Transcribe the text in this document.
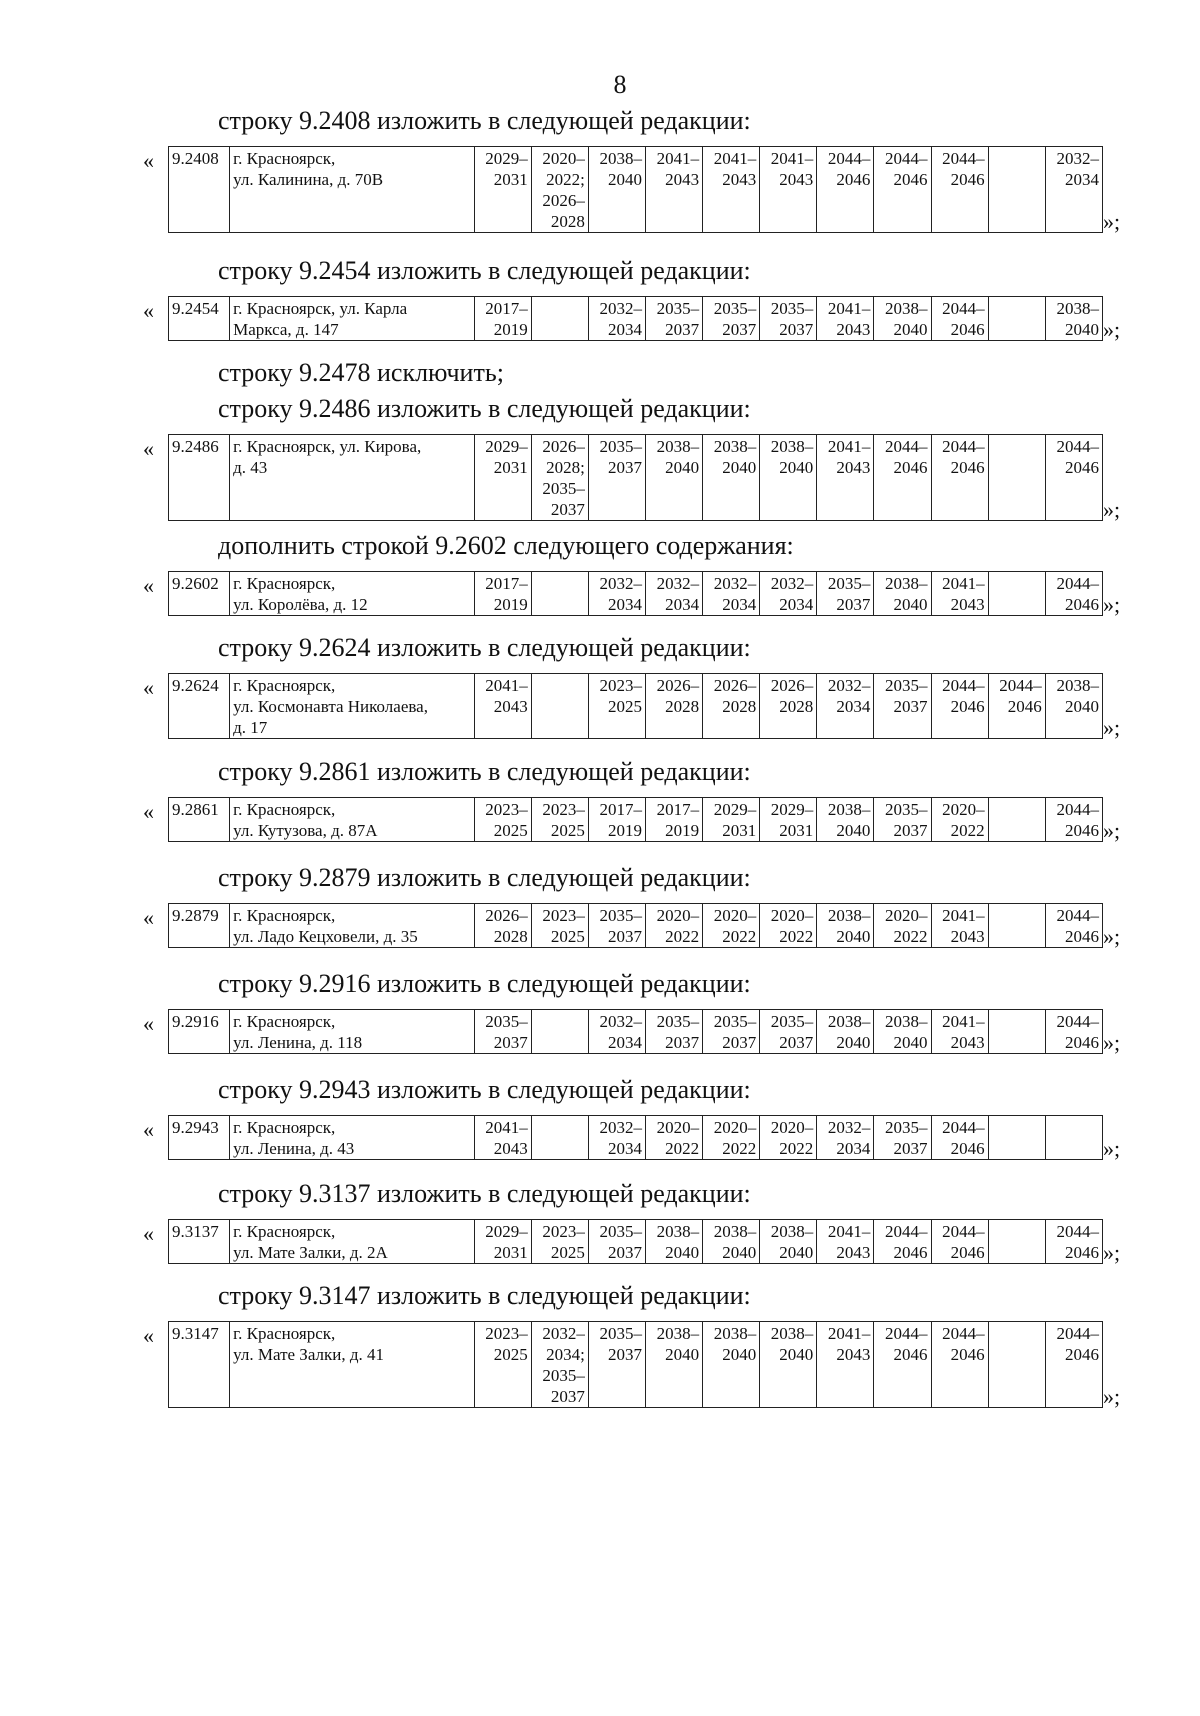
8
строку 9.2408 изложить в следующей редакции:
« 9.2408	г. Красноярск,
ул. Калинина, д. 70В	2029–
2031	2020–
2022;
2026–
2028	2038–
2040	2041–
2043	2041–
2043	2041–
2043	2044–
2046	2044–
2046	2044–
2046		2032–
2034
»;
строку 9.2454 изложить в следующей редакции:
« 9.2454	г. Красноярск, ул. Карла
Маркса, д. 147	2017–
2019		2032–
2034	2035–
2037	2035–
2037	2035–
2037	2041–
2043	2038–
2040	2044–
2046		2038–
2040 »;
строку 9.2478 исключить;
строку 9.2486 изложить в следующей редакции:
« 9.2486	г. Красноярск, ул. Кирова,
д. 43	2029–
2031	2026–
2028;
2035–
2037	2035–
2037	2038–
2040	2038–
2040	2038–
2040	2041–
2043	2044–
2046	2044–
2046		2044–
2046
»;
дополнить строкой 9.2602 следующего содержания:
« 9.2602	г. Красноярск,
ул. Королёва, д. 12	2017–
2019		2032–
2034	2032–
2034	2032–
2034	2032–
2034	2035–
2037	2038–
2040	2041–
2043		2044–
2046 »;
строку 9.2624 изложить в следующей редакции:
« 9.2624	г. Красноярск,
ул. Космонавта Николаева,
д. 17	2041–
2043		2023–
2025	2026–
2028	2026–
2028	2026–
2028	2032–
2034	2035–
2037	2044–
2046	2044–
2046	2038–
2040
»;
строку 9.2861 изложить в следующей редакции:
« 9.2861	г. Красноярск,
ул. Кутузова, д. 87А	2023–
2025	2023–
2025	2017–
2019	2017–
2019	2029–
2031	2029–
2031	2038–
2040	2035–
2037	2020–
2022		2044–
2046 »;
строку 9.2879 изложить в следующей редакции:
« 9.2879	г. Красноярск,
ул. Ладо Кецховели, д. 35	2026–
2028	2023–
2025	2035–
2037	2020–
2022	2020–
2022	2020–
2022	2038–
2040	2020–
2022	2041–
2043		2044–
2046 »;
строку 9.2916 изложить в следующей редакции:
« 9.2916	г. Красноярск,
ул. Ленина, д. 118	2035–
2037		2032–
2034	2035–
2037	2035–
2037	2035–
2037	2038–
2040	2038–
2040	2041–
2043		2044–
2046 »;
строку 9.2943 изложить в следующей редакции:
« 9.2943	г. Красноярск,
ул. Ленина, д. 43	2041–
2043		2032–
2034	2020–
2022	2020–
2022	2020–
2022	2032–
2034	2035–
2037	2044–
2046			»;
строку 9.3137 изложить в следующей редакции:
« 9.3137	г. Красноярск,
ул. Мате Залки, д. 2А	2029–
2031	2023–
2025	2035–
2037	2038–
2040	2038–
2040	2038–
2040	2041–
2043	2044–
2046	2044–
2046		2044–
2046 »;
строку 9.3147 изложить в следующей редакции:
« 9.3147	г. Красноярск,
ул. Мате Залки, д. 41	2023–
2025	2032–
2034;
2035–
2037	2035–
2037	2038–
2040	2038–
2040	2038–
2040	2041–
2043	2044–
2046	2044–
2046		2044–
2046
»;
